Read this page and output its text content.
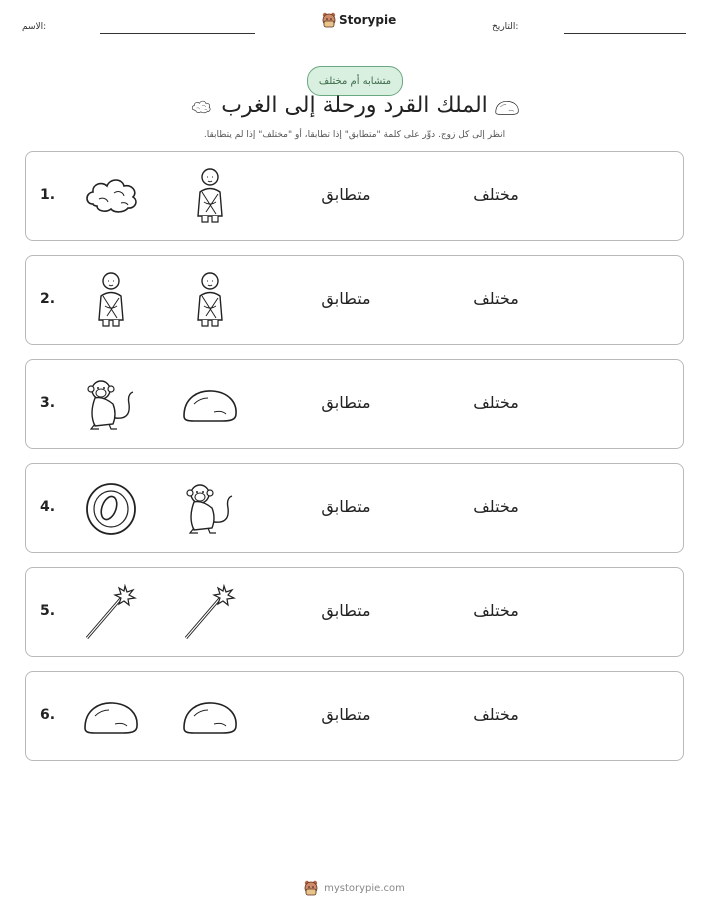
الاسم:	Storypie	التاريخ:
متشابه أم مختلف
الملك القرد ورحلة إلى الغرب
انظر إلى كل زوج. دوِّر على كلمة "متطابق" إذا تطابقا، أو "مختلف" إذا لم يتطابقا.
1.	متطابق	مختلف
2.	متطابق	مختلف
3.	متطابق	مختلف
4.	متطابق	مختلف
5.	متطابق	مختلف
6.	متطابق	مختلف
mystorypie.com
